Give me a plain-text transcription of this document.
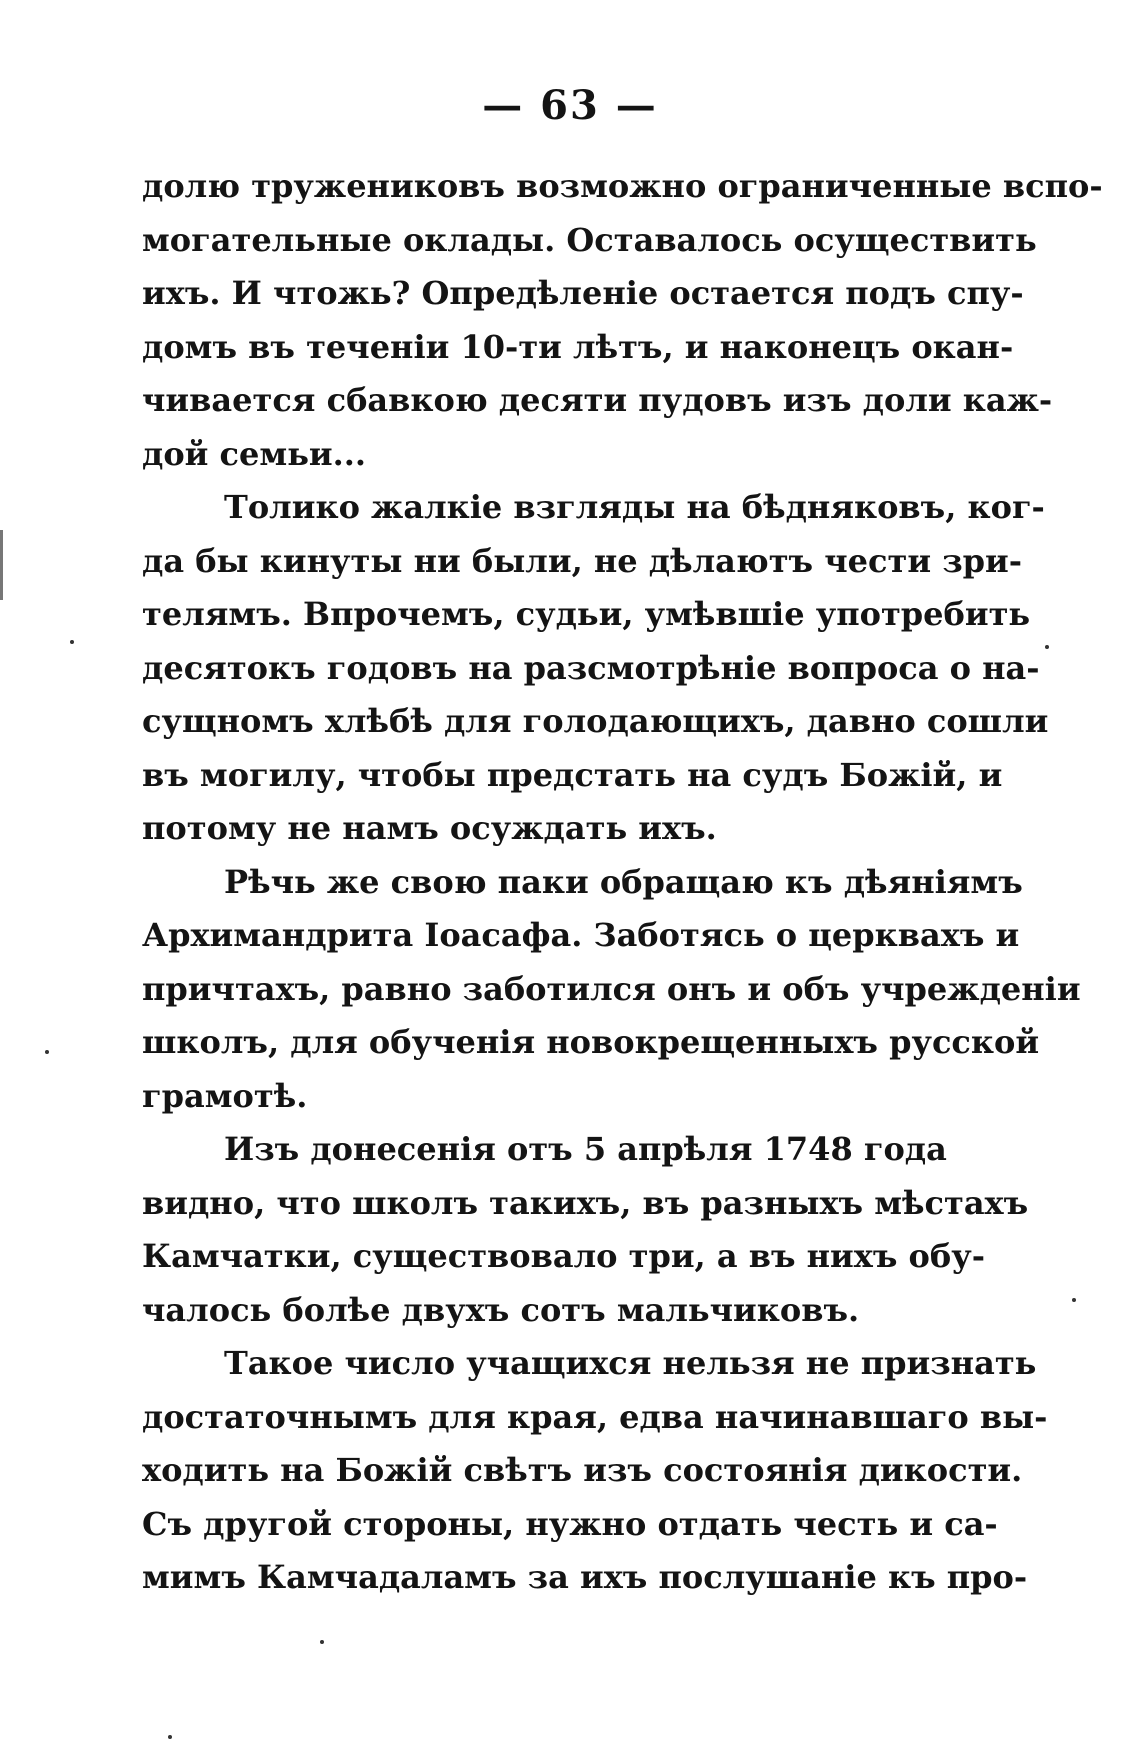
— 63 —
долю тружениковъ возможно ограниченные вспо-
могательные оклады. Оставалось осуществить
ихъ. И чтожь? Опредѣленіе остается подъ спу-
домъ въ теченіи 10-ти лѣтъ, и наконецъ окан-
чивается сбавкою десяти пудовъ изъ доли каж-
дой семьи...
Толико жалкіе взгляды на бѣдняковъ, ког-
да бы кинуты ни были, не дѣлаютъ чести зри-
телямъ. Впрочемъ, судьи, умѣвшіе употребить
десятокъ годовъ на разсмотрѣніе вопроса о на-
сущномъ хлѣбѣ для голодающихъ, давно сошли
въ могилу, чтобы предстать на судъ Божій, и
потому не намъ осуждать ихъ.
Рѣчь же свою паки обращаю къ дѣяніямъ
Архимандрита Іоасафа. Заботясь о церквахъ и
причтахъ, равно заботился онъ и объ учрежденіи
школъ, для обученія новокрещенныхъ русской
грамотѣ.
Изъ донесенія отъ 5 апрѣля 1748 года
видно, что школъ такихъ, въ разныхъ мѣстахъ
Камчатки, существовало три, а въ нихъ обу-
чалось болѣе двухъ сотъ мальчиковъ.
Такое число учащихся нельзя не признать
достаточнымъ для края, едва начинавшаго вы-
ходить на Божій свѣтъ изъ состоянія дикости.
Съ другой стороны, нужно отдать честь и са-
мимъ Камчадаламъ за ихъ послушаніе къ про-
